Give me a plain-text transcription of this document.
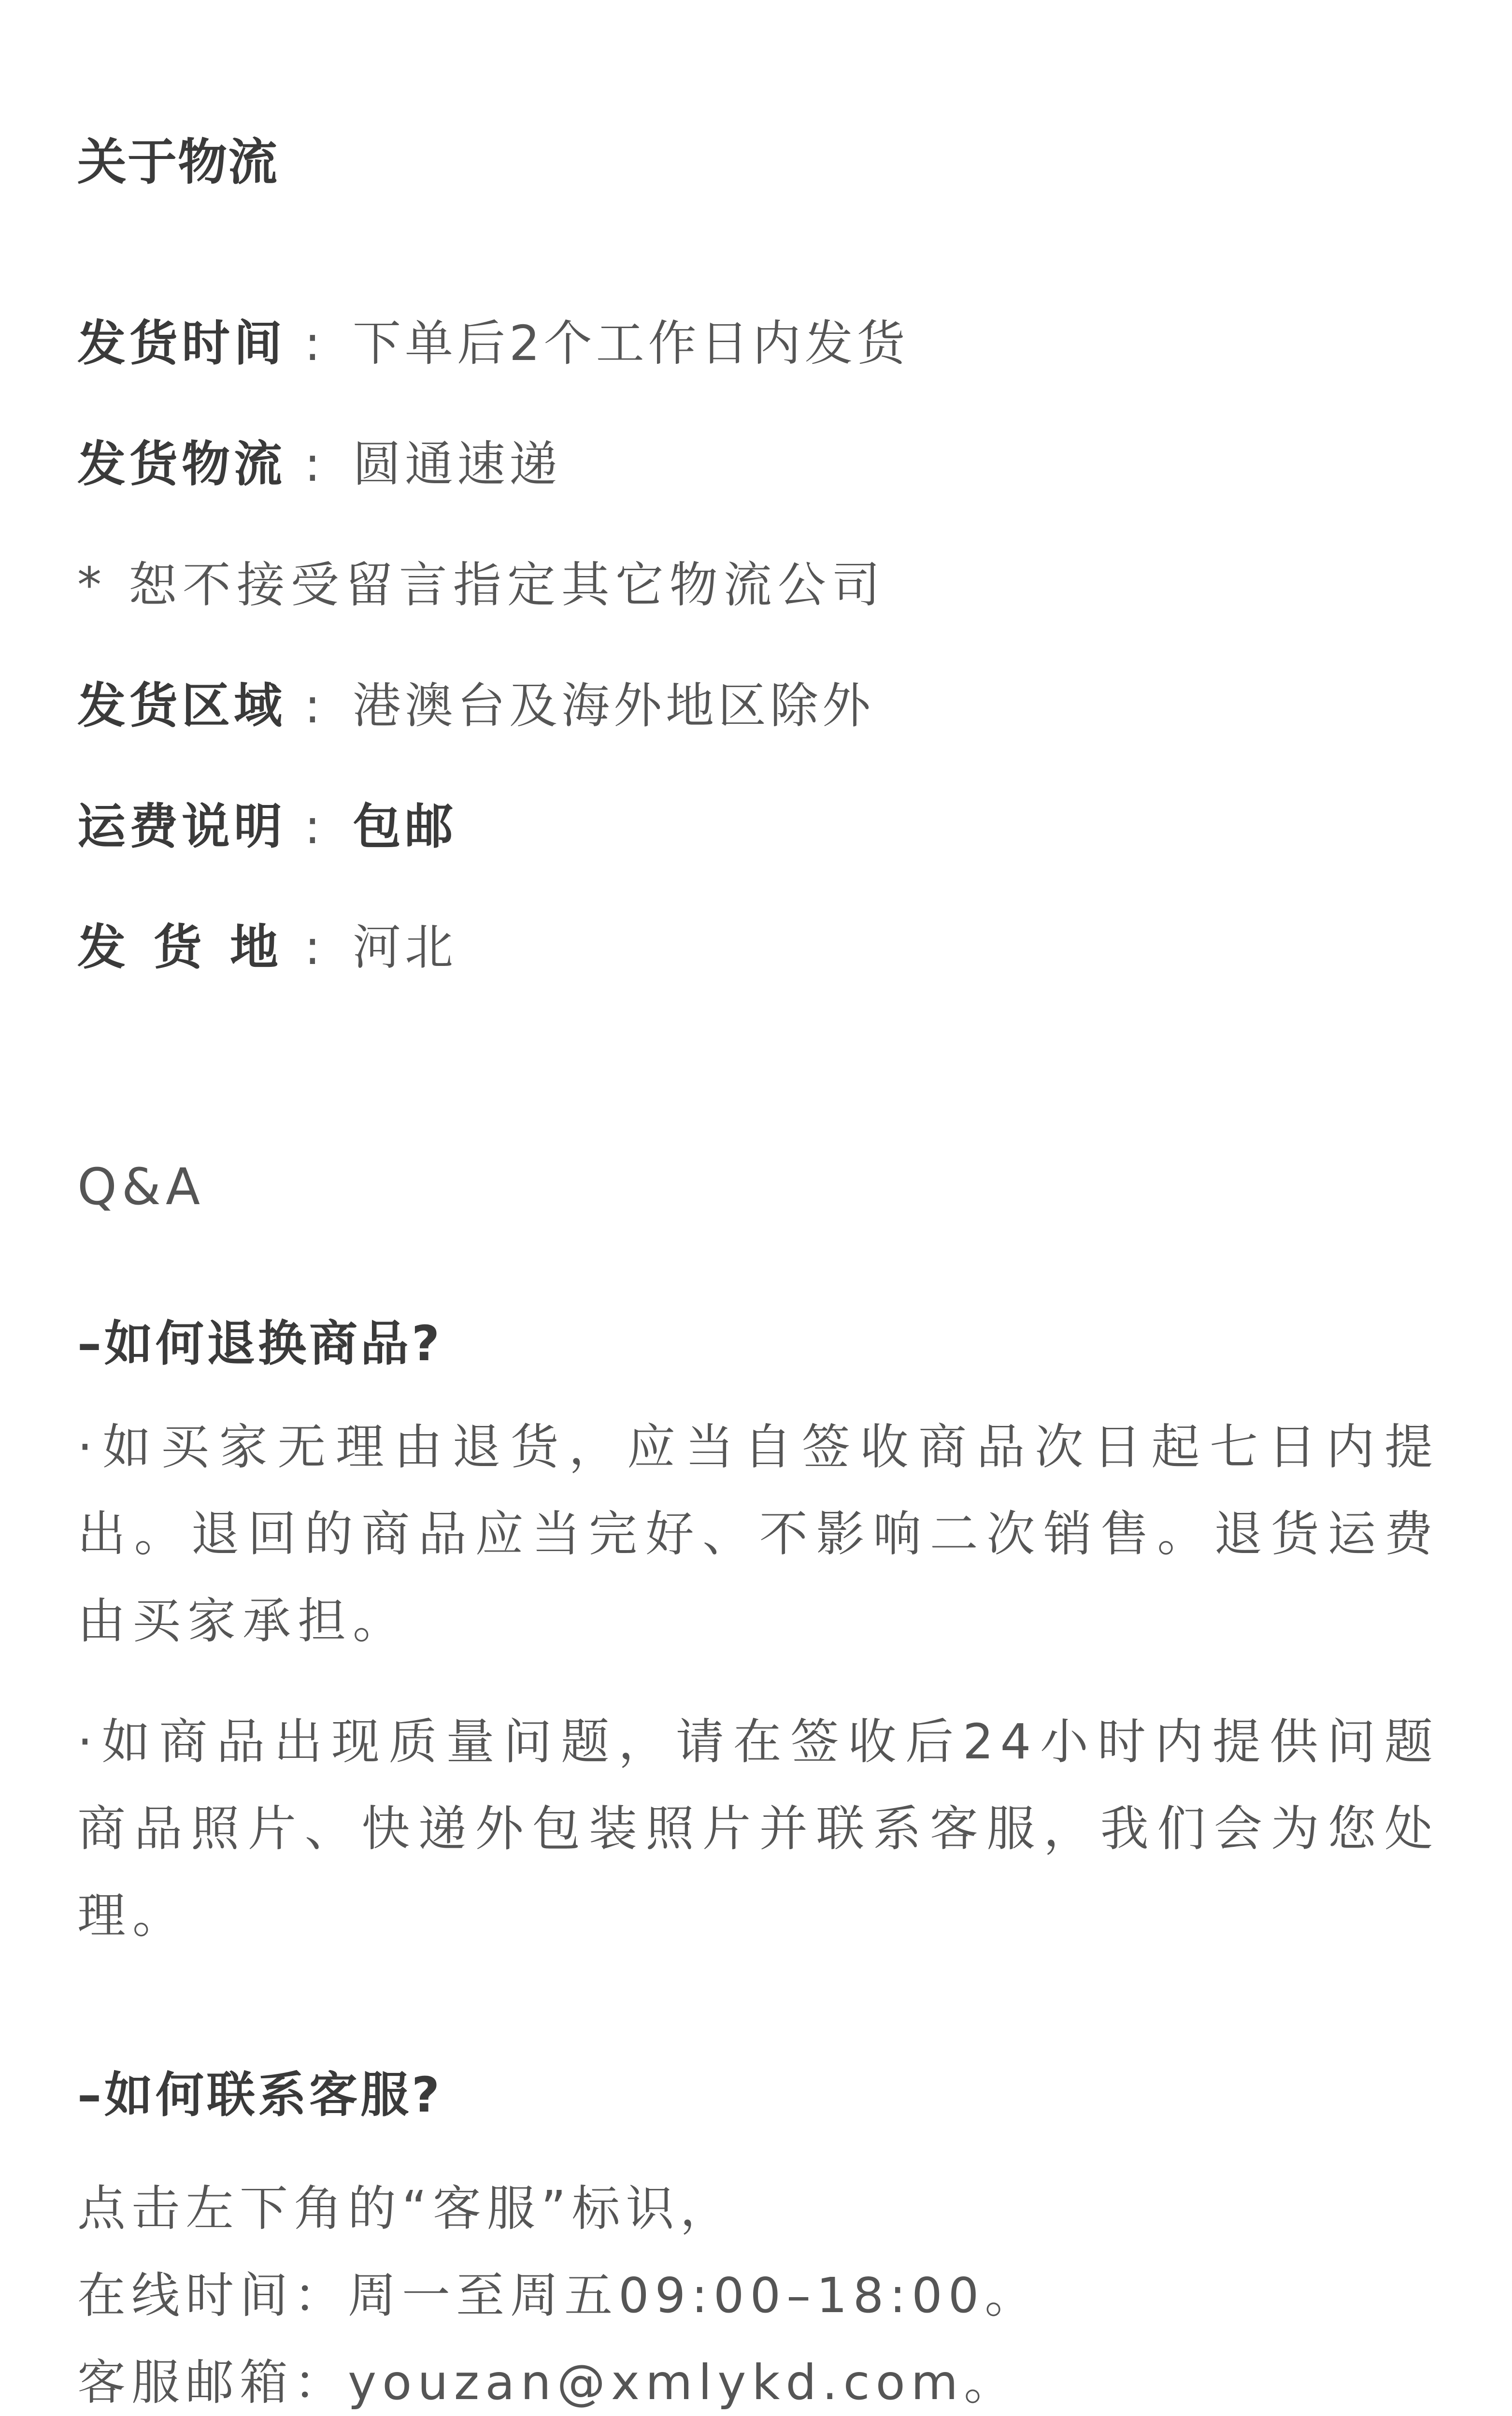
关于物流
发货时间 : 下单后2个工作日内发货
发货物流 : 圆通速递
* 恕不接受留言指定其它物流公司
发货区域 : 港澳台及海外地区除外
运费说明 : 包邮
发货地: 河北
Q&A
–如何退换商品?
·如买家无理由退货，应当自签收商品次日起七日内提出。退回的商品应当完好、不影响二次销售。退货运费由买家承担。
·如商品出现质量问题，请在签收后24小时内提供问题商品照片、快递外包装照片并联系客服，我们会为您处理。
–如何联系客服?
点击左下角的“客服”标识，
在线时间：周一至周五09:00–18:00。
客服邮箱：youzan@xmlykd.com。
